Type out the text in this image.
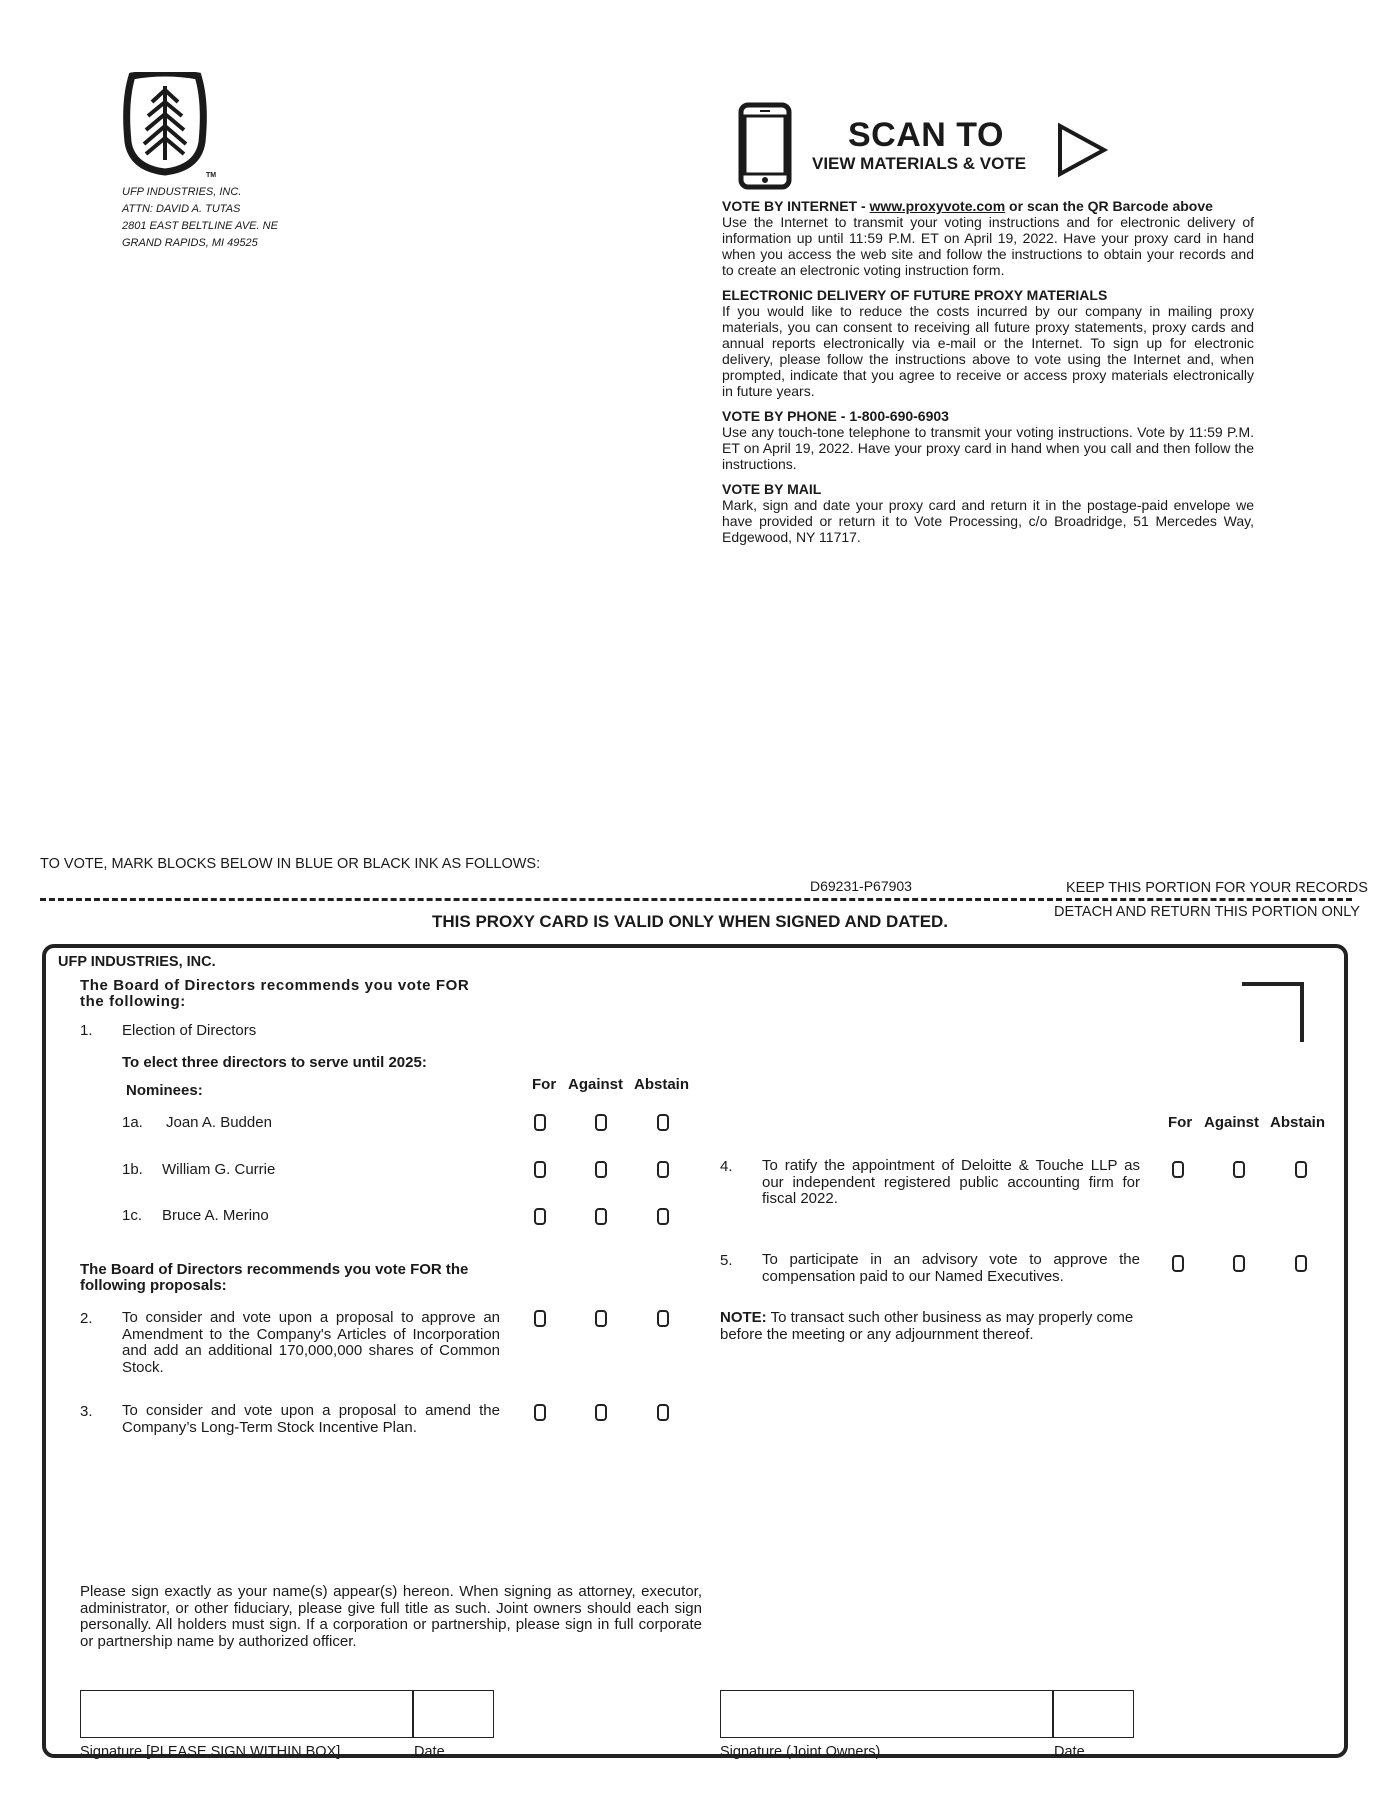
TM
UFP INDUSTRIES, INC.
ATTN: DAVID A. TUTAS
2801 EAST BELTLINE AVE. NE
GRAND RAPIDS, MI 49525
SCAN TO
VIEW MATERIALS & VOTE
VOTE BY INTERNET - www.proxyvote.com or scan the QR Barcode above

Use the Internet to transmit your voting instructions and for electronic delivery of information up until 11:59 P.M. ET on April 19, 2022. Have your proxy card in hand when you access the web site and follow the instructions to obtain your records and to create an electronic voting instruction form.

ELECTRONIC DELIVERY OF FUTURE PROXY MATERIALS

If you would like to reduce the costs incurred by our company in mailing proxy materials, you can consent to receiving all future proxy statements, proxy cards and annual reports electronically via e-mail or the Internet. To sign up for electronic delivery, please follow the instructions above to vote using the Internet and, when prompted, indicate that you agree to receive or access proxy materials electronically in future years.

VOTE BY PHONE - 1-800-690-6903

Use any touch-tone telephone to transmit your voting instructions. Vote by 11:59 P.M. ET on April 19, 2022. Have your proxy card in hand when you call and then follow the instructions.

VOTE BY MAIL

Mark, sign and date your proxy card and return it in the postage-paid envelope we have provided or return it to Vote Processing, c/o Broadridge, 51 Mercedes Way, Edgewood, NY 11717.

TO VOTE, MARK BLOCKS BELOW IN BLUE OR BLACK INK AS FOLLOWS:
D69231-P67903	KEEP THIS PORTION FOR YOUR RECORDS
THIS PROXY CARD IS VALID ONLY WHEN SIGNED AND DATED.	DETACH AND RETURN THIS PORTION ONLY
UFP INDUSTRIES, INC.
The Board of Directors recommends you vote FOR
the following:
1. Election of Directors
To elect three directors to serve until 2025:
Nominees:	For Against Abstain
1a. Joan A. Budden
1b. William G. Currie
1c. Bruce A. Merino
The Board of Directors recommends you vote FOR the
following proposals:
2. To consider and vote upon a proposal to approve an Amendment to the Company's Articles of Incorporation and add an additional 170,000,000 shares of Common Stock.
3. To consider and vote upon a proposal to amend the Company’s Long-Term Stock Incentive Plan.
For Against Abstain
4. To ratify the appointment of Deloitte & Touche LLP as our independent registered public accounting firm for fiscal 2022.
5. To participate in an advisory vote to approve the compensation paid to our Named Executives.
NOTE: To transact such other business as may properly come before the meeting or any adjournment thereof.
Please sign exactly as your name(s) appear(s) hereon. When signing as attorney, executor, administrator, or other fiduciary, please give full title as such. Joint owners should each sign personally. All holders must sign. If a corporation or partnership, please sign in full corporate or partnership name by authorized officer.
Signature [PLEASE SIGN WITHIN BOX]	Date	Signature (Joint Owners)	Date
